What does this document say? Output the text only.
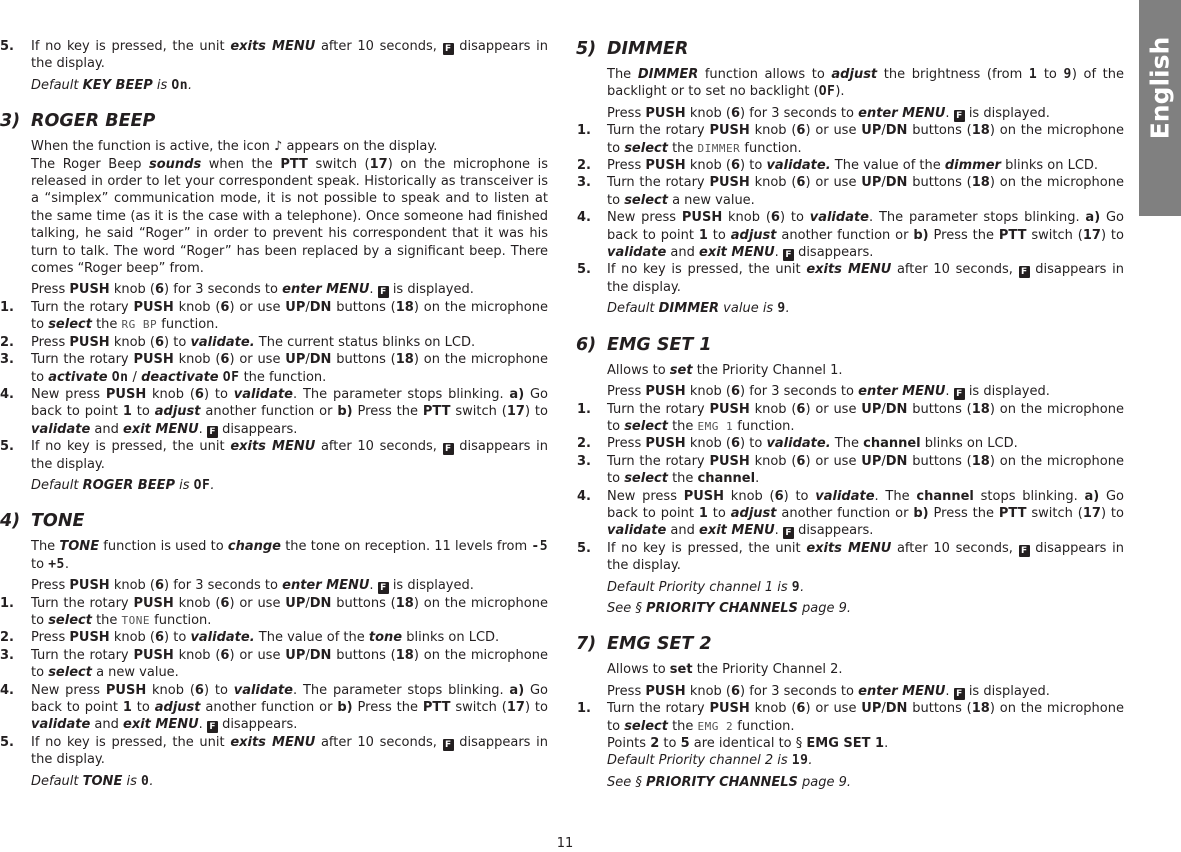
English

5. If no key is pressed, the unit exits MENU after 10 seconds, F disappears in the display.

Default KEY BEEP is On.

3) ROGER BEEP

When the function is active, the icon ♪ appears on the display.

The Roger Beep sounds when the PTT switch (17) on the microphone is released in order to let your correspondent speak. Historically as transceiver is a “simplex” communication mode, it is not possible to speak and to listen at the same time (as it is the case with a telephone). Once someone had finished talking, he said “Roger” in order to prevent his correspondent that it was his turn to talk. The word “Roger” has been replaced by a significant beep. There comes “Roger beep” from.

Press PUSH knob (6) for 3 seconds to enter MENU. F is displayed.

1. Turn the rotary PUSH knob (6) or use UP/DN buttons (18) on the microphone to select the RG BP function.

2. Press PUSH knob (6) to validate. The current status blinks on LCD.

3. Turn the rotary PUSH knob (6) or use UP/DN buttons (18) on the microphone to activate On / deactivate OF the function.

4. New press PUSH knob (6) to validate. The parameter stops blinking. a) Go back to point 1 to adjust another function or b) Press the PTT switch (17) to validate and exit MENU. F disappears.

5. If no key is pressed, the unit exits MENU after 10 seconds, F disappears in the display.

Default ROGER BEEP is OF.

4) TONE

The TONE function is used to change the tone on reception. 11 levels from -5 to +5.

Press PUSH knob (6) for 3 seconds to enter MENU. F is displayed.

1. Turn the rotary PUSH knob (6) or use UP/DN buttons (18) on the microphone to select the TONE function.

2. Press PUSH knob (6) to validate. The value of the tone blinks on LCD.

3. Turn the rotary PUSH knob (6) or use UP/DN buttons (18) on the microphone to select a new value.

4. New press PUSH knob (6) to validate. The parameter stops blinking. a) Go back to point 1 to adjust another function or b) Press the PTT switch (17) to validate and exit MENU. F disappears.

5. If no key is pressed, the unit exits MENU after 10 seconds, F disappears in the display.

Default TONE is 0.

5) DIMMER

The DIMMER function allows to adjust the brightness (from 1 to 9) of the backlight or to set no backlight (OF).

Press PUSH knob (6) for 3 seconds to enter MENU. F is displayed.

1. Turn the rotary PUSH knob (6) or use UP/DN buttons (18) on the microphone to select the DIMMER function.

2. Press PUSH knob (6) to validate. The value of the dimmer blinks on LCD.

3. Turn the rotary PUSH knob (6) or use UP/DN buttons (18) on the microphone to select a new value.

4. New press PUSH knob (6) to validate. The parameter stops blinking. a) Go back to point 1 to adjust another function or b) Press the PTT switch (17) to validate and exit MENU. F disappears.

5. If no key is pressed, the unit exits MENU after 10 seconds, F disappears in the display.

Default DIMMER value is 9.

6) EMG SET 1

Allows to set the Priority Channel 1.

Press PUSH knob (6) for 3 seconds to enter MENU. F is displayed.

1. Turn the rotary PUSH knob (6) or use UP/DN buttons (18) on the microphone to select the EMG 1 function.

2. Press PUSH knob (6) to validate. The channel blinks on LCD.

3. Turn the rotary PUSH knob (6) or use UP/DN buttons (18) on the microphone to select the channel.

4. New press PUSH knob (6) to validate. The channel stops blinking. a) Go back to point 1 to adjust another function or b) Press the PTT switch (17) to validate and exit MENU. F disappears.

5. If no key is pressed, the unit exits MENU after 10 seconds, F disappears in the display.

Default Priority channel 1 is 9.

See § PRIORITY CHANNELS page 9.

7) EMG SET 2

Allows to set the Priority Channel 2.

Press PUSH knob (6) for 3 seconds to enter MENU. F is displayed.

1. Turn the rotary PUSH knob (6) or use UP/DN buttons (18) on the microphone to select the EMG 2 function.

Points 2 to 5 are identical to § EMG SET 1.

Default Priority channel 2 is 19.

See § PRIORITY CHANNELS page 9.

11
